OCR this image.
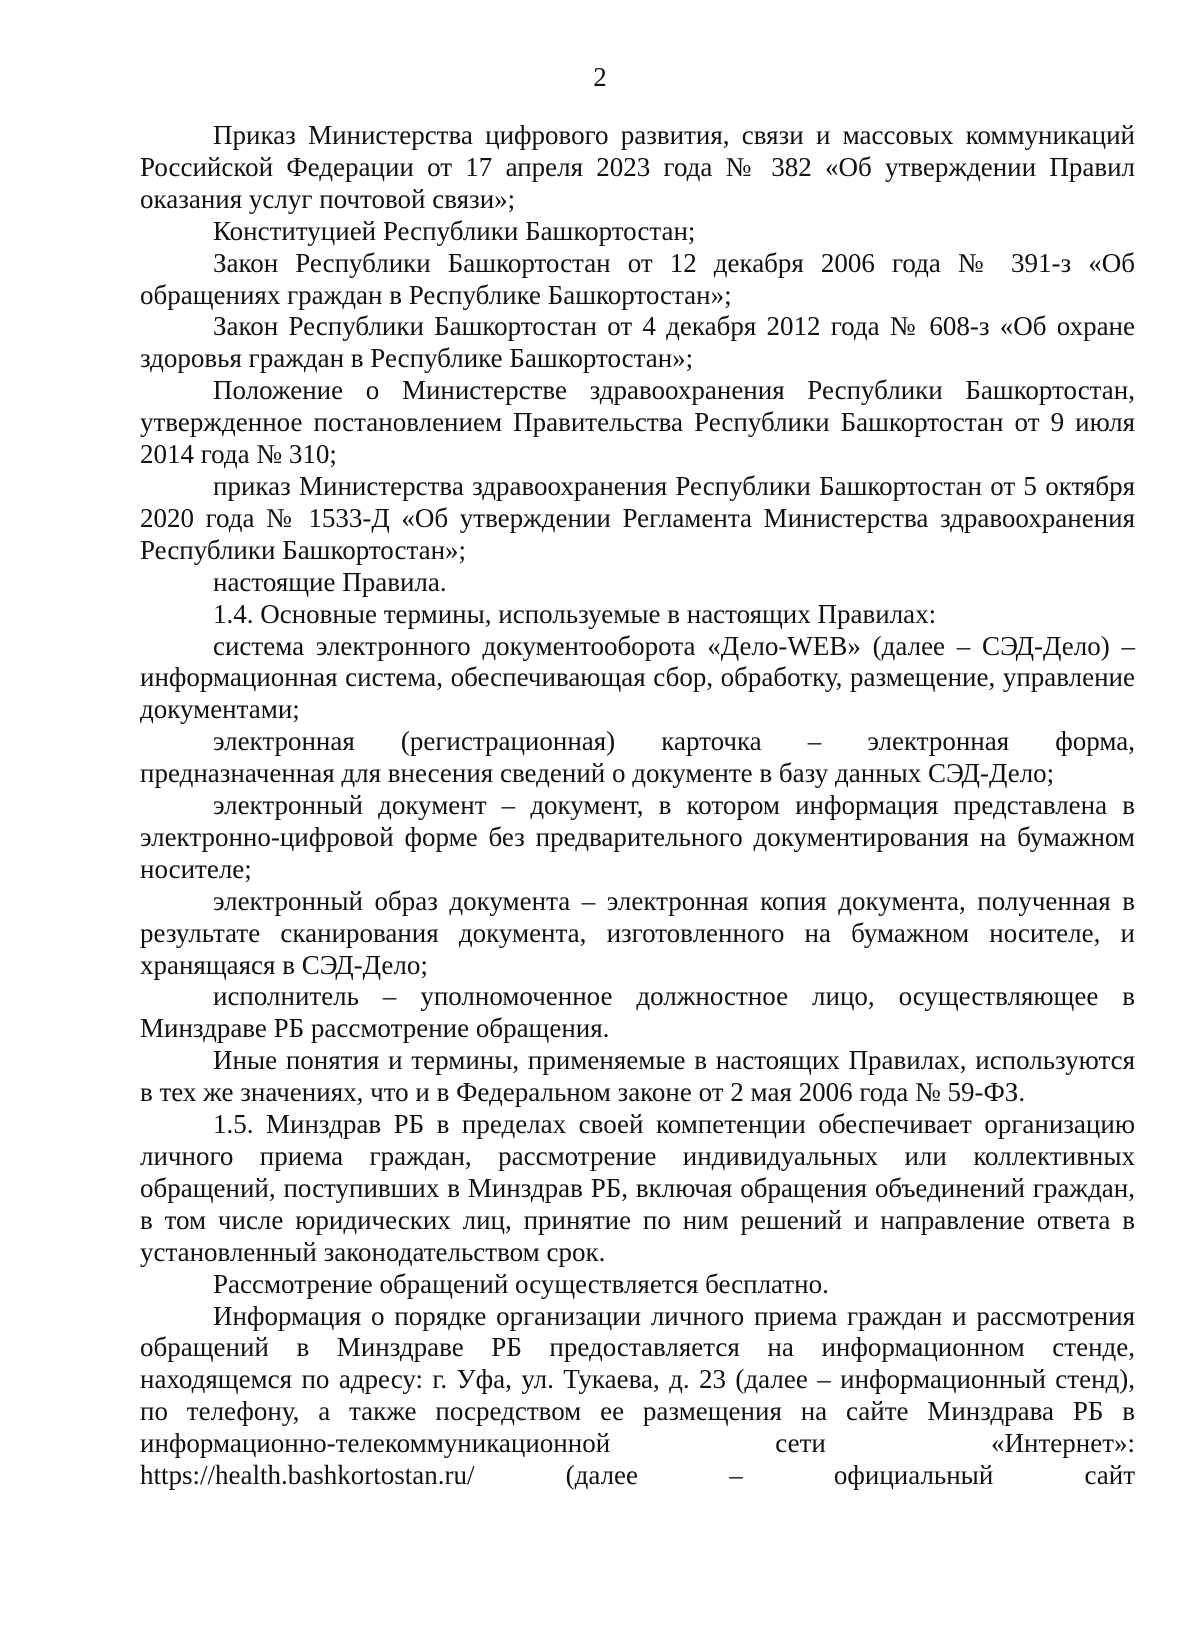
2

Приказ Министерства цифрового развития, связи и массовых коммуникаций Российской Федерации от 17 апреля 2023 года № 382 «Об утверждении Правил оказания услуг почтовой связи»;

Конституцией Республики Башкортостан;

Закон Республики Башкортостан от 12 декабря 2006 года № 391-з «Об обращениях граждан в Республике Башкортостан»;

Закон Республики Башкортостан от 4 декабря 2012 года № 608-з «Об охране здоровья граждан в Республике Башкортостан»;

Положение о Министерстве здравоохранения Республики Башкортостан, утвержденное постановлением Правительства Республики Башкортостан от 9 июля 2014 года № 310;

приказ Министерства здравоохранения Республики Башкортостан от 5 октября 2020 года № 1533-Д «Об утверждении Регламента Министерства здравоохранения Республики Башкортостан»;

настоящие Правила.

1.4. Основные термины, используемые в настоящих Правилах:

система электронного документооборота «Дело-WEB» (далее – СЭД-Дело) – информационная система, обеспечивающая сбор, обработку, размещение, управление документами;

электронная (регистрационная) карточка – электронная форма, предназначенная для внесения сведений о документе в базу данных СЭД-Дело;

электронный документ – документ, в котором информация представлена в электронно-цифровой форме без предварительного документирования на бумажном носителе;

электронный образ документа – электронная копия документа, полученная в результате сканирования документа, изготовленного на бумажном носителе, и хранящаяся в СЭД-Дело;

исполнитель – уполномоченное должностное лицо, осуществляющее в Минздраве РБ рассмотрение обращения.

Иные понятия и термины, применяемые в настоящих Правилах, используются в тех же значениях, что и в Федеральном законе от 2 мая 2006 года № 59-ФЗ.

1.5. Минздрав РБ в пределах своей компетенции обеспечивает организацию личного приема граждан, рассмотрение индивидуальных или коллективных обращений, поступивших в Минздрав РБ, включая обращения объединений граждан, в том числе юридических лиц, принятие по ним решений и направление ответа в установленный законодательством срок.

Рассмотрение обращений осуществляется бесплатно.

Информация о порядке организации личного приема граждан и рассмотрения обращений в Минздраве РБ предоставляется на информационном стенде, находящемся по адресу: г. Уфа, ул. Тукаева, д. 23 (далее – информационный стенд), по телефону, а также посредством ее размещения на сайте Минздрава РБ в информационно-телекоммуникационной сети «Интернет»: https://health.bashkortostan.ru/ (далее – официальный сайт
